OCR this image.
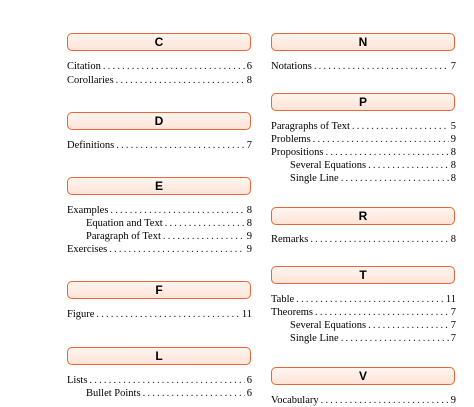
C
Citation .....	6
Corollaries .....	8
D
Definitions .....	7
E
Examples .....	8
Equation and Text .....	8
Paragraph of Text .....	9
Exercises .....	9
F
Figure .....	11
L
Lists .....	6
Bullet Points .....	6
N
Notations .....	7
P
Paragraphs of Text .....	5
Problems .....	9
Propositions .....	8
Several Equations .....	8
Single Line .....	8
R
Remarks .....	8
T
Table .....	11
Theorems .....	7
Several Equations .....	7
Single Line .....	7
V
Vocabulary .....	9
